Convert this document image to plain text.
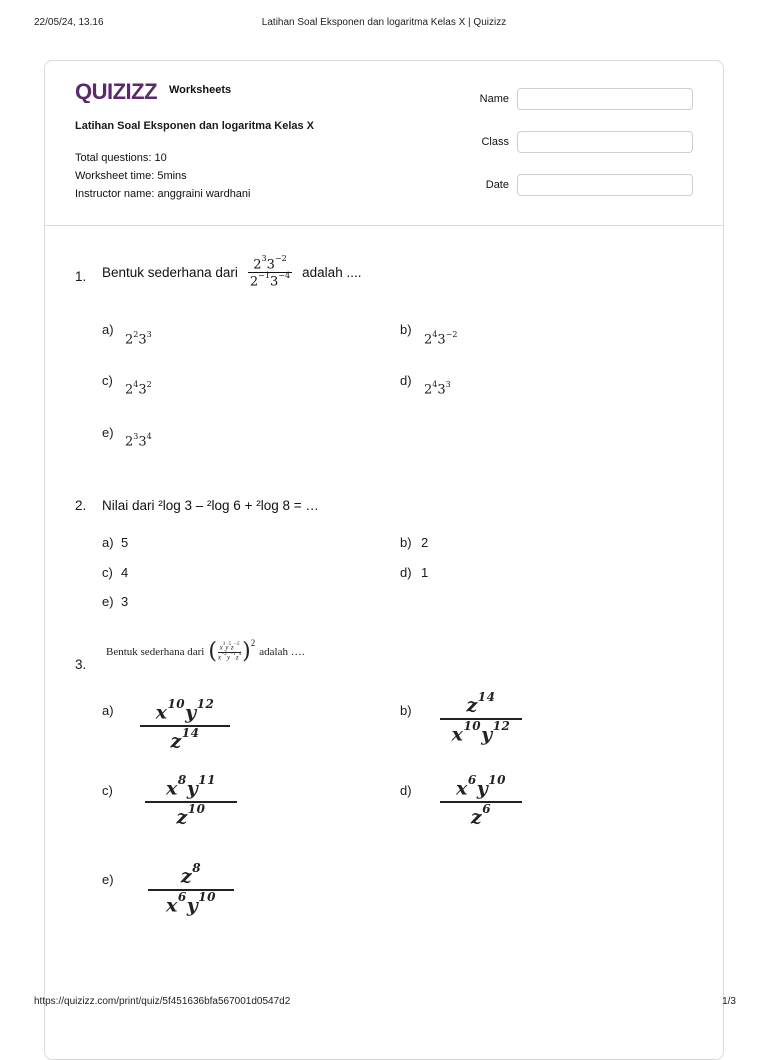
22/05/24, 13.16	Latihan Soal Eksponen dan logaritma Kelas X | Quizizz
QUIZIZZ Worksheets
Latihan Soal Eksponen dan logaritma Kelas X
Total questions: 10
Worksheet time: 5mins
Instructor name: anggraini wardhani
Name
Class
Date
1. Bentuk sederhana dari $\frac{2^33^{-2}}{2^{-1}3^{-4}}$ adalah ....
a)
$2^23^3$	b)
$2^43^{-2}$
c)
$2^43^2$	d)
$2^43^3$
e)
$2^33^4$
2. Nilai dari ²log 3 – ²log 6 + ²log 8 = …
a) 5	b) 2
c) 4	d) 1
e) 3
3.
Bentuk sederhana dari ( $x^3y^5z^{-5}$
$x^{-2}y^{-1}z^4$ ) 2
adalah ….
a) $x^{10}y^{12}$
$z^{14}$
b)	$z^{14}$
$x^{10}y^{12}$
c)	$x^8y^{11}$
$z^{10}$
d) $x^6y^{10}$
$z^6$
e)	$z^8$
$x^6y^{10}$
https://quizizz.com/print/quiz/5f451636bfa567001d0547d2	1/3
